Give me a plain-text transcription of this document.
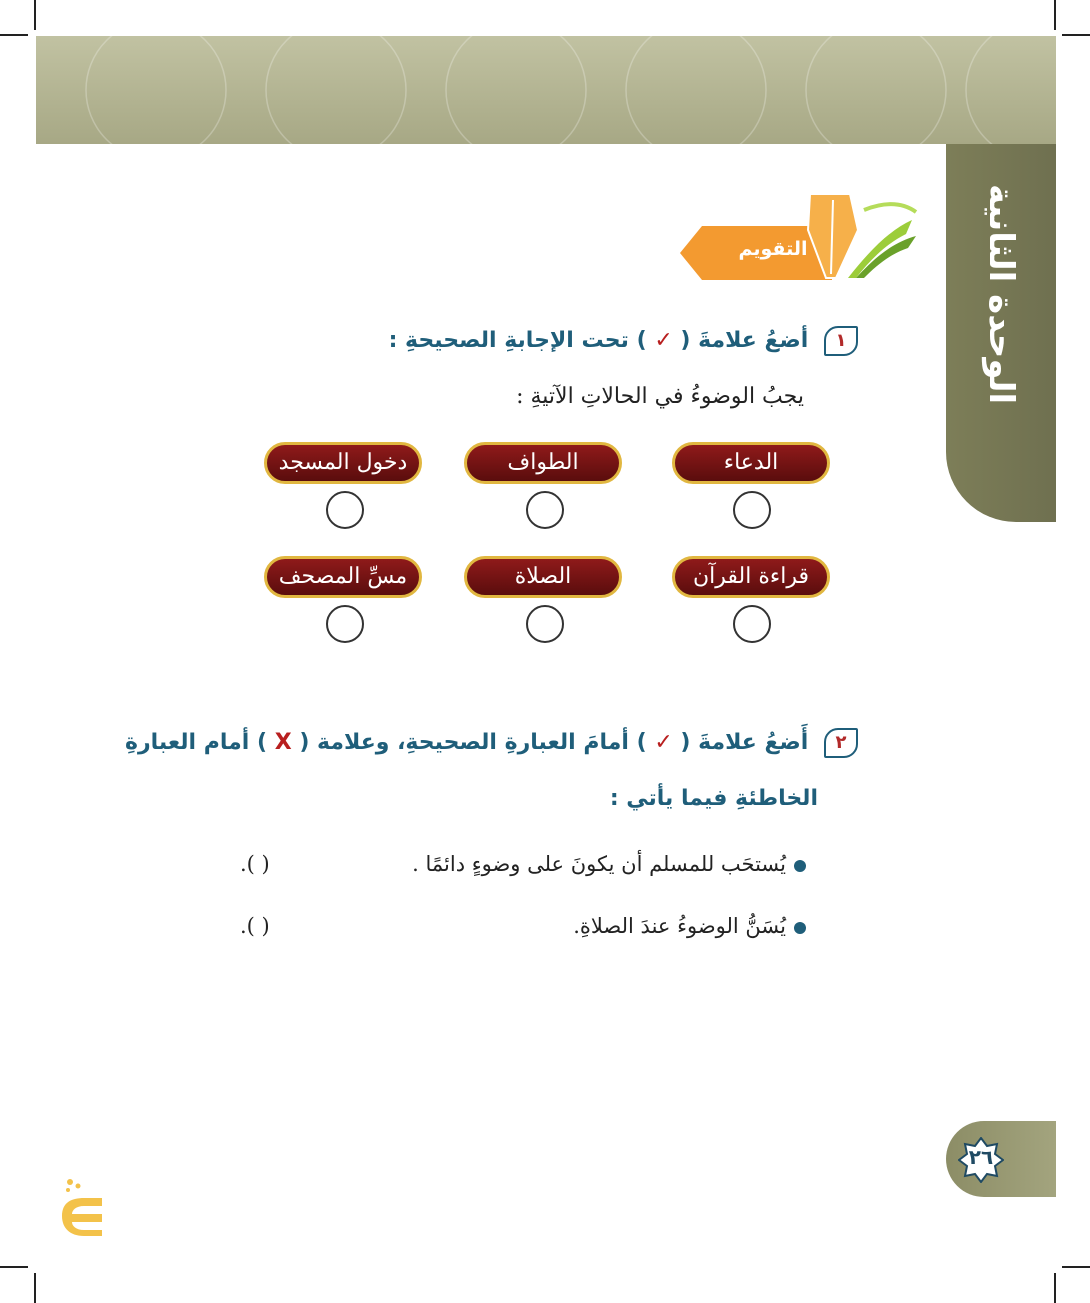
الوحدة الثانية
التقويم
١ أضعُ علامةَ ( ✓ ) تحت الإجابةِ الصحيحةِ :
يجبُ الوضوءُ في الحالاتِ الآتيةِ :
الدعاء
الطواف
دخول المسجد
قراءة القرآن
الصلاة
مسِّ المصحف
٢ أَضعُ علامةَ ( ✓ ) أمامَ العبارةِ الصحيحةِ، وعلامة ( X ) أمام العبارةِ
الخاطئةِ فيما يأتي :
يُستحَب للمسلم أن يكونَ على وضوءٍ دائمًا .
.( )
يُسَنُّ الوضوءُ عندَ الصلاةِ.
.( )
٢٦
